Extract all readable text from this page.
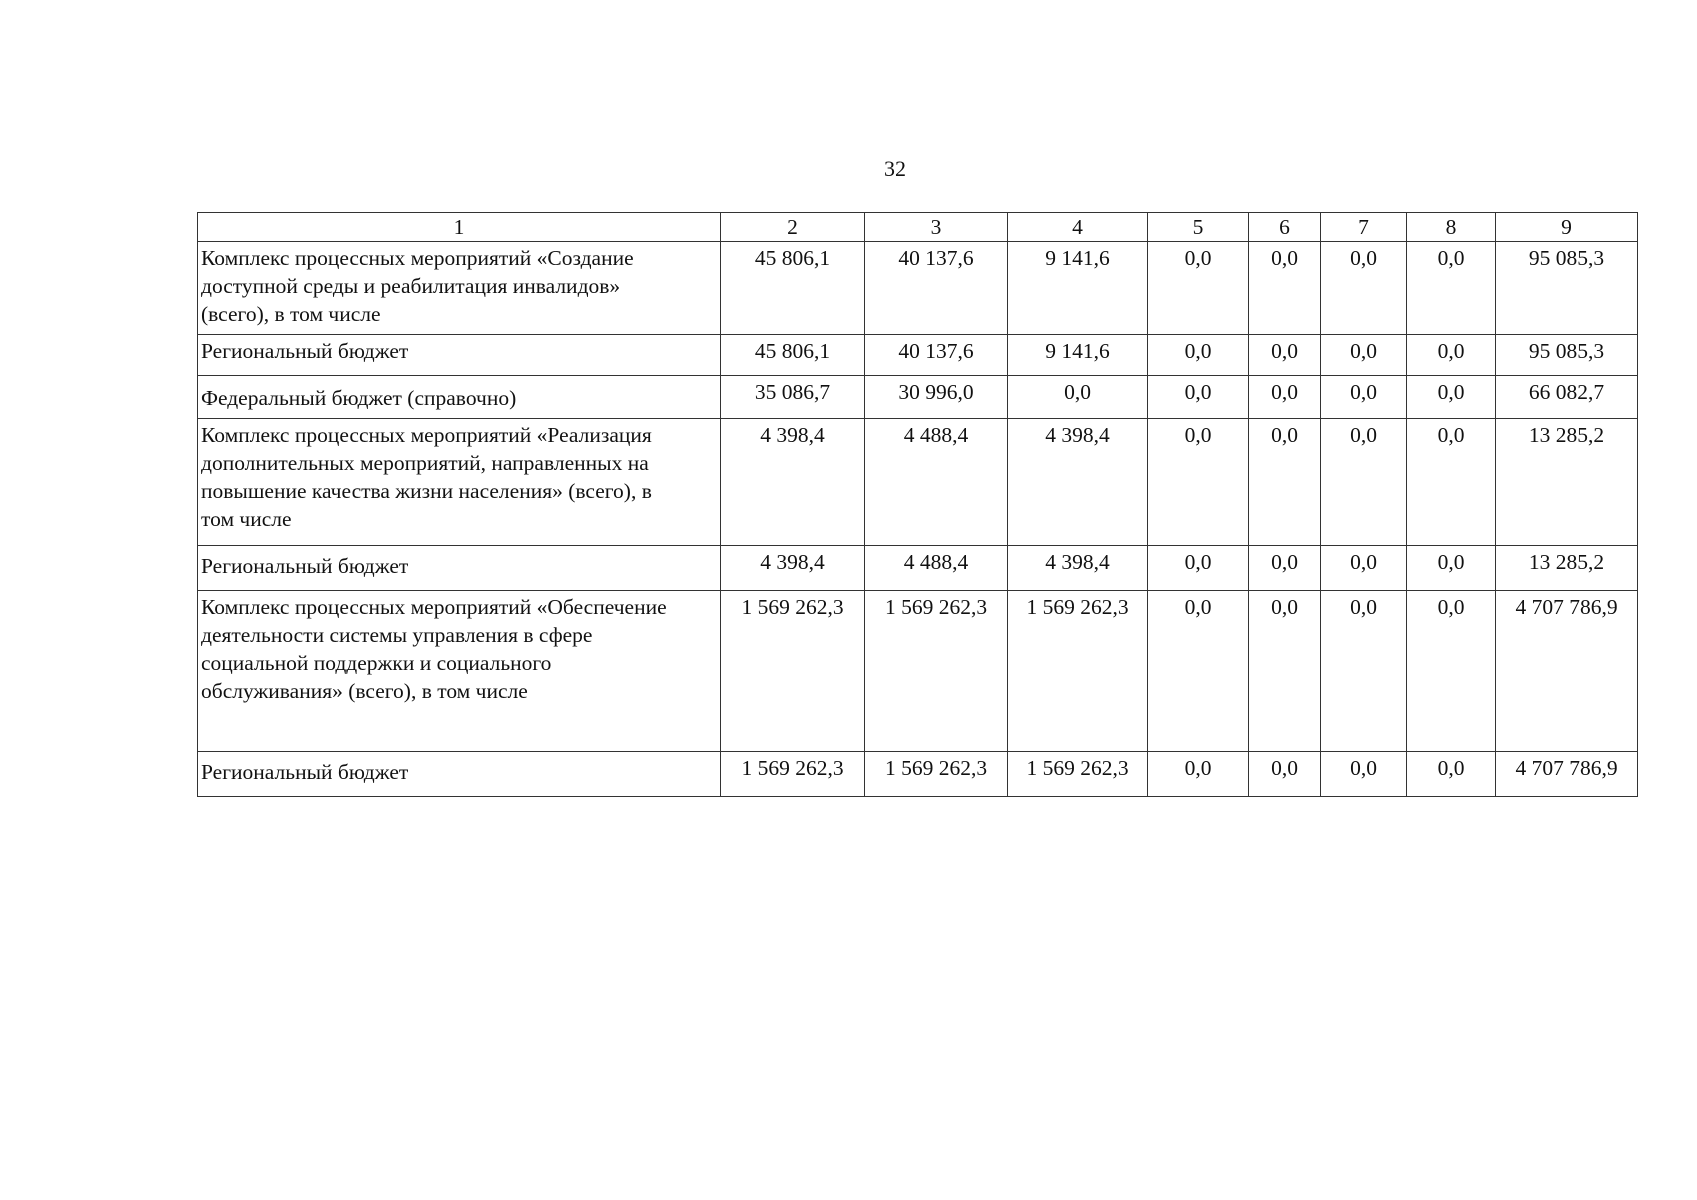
32
1	2	3	4	5	6	7	8	9
Комплекс процессных мероприятий «Создание доступной среды и реабилитация инвалидов» (всего), в том числе	45 806,1	40 137,6	9 141,6	0,0	0,0	0,0	0,0	95 085,3
Региональный бюджет	45 806,1	40 137,6	9 141,6	0,0	0,0	0,0	0,0	95 085,3
Федеральный бюджет (справочно)	35 086,7	30 996,0	0,0	0,0	0,0	0,0	0,0	66 082,7
Комплекс процессных мероприятий «Реализация дополнительных мероприятий, направленных на повышение качества жизни населения» (всего), в том числе	4 398,4	4 488,4	4 398,4	0,0	0,0	0,0	0,0	13 285,2
Региональный бюджет	4 398,4	4 488,4	4 398,4	0,0	0,0	0,0	0,0	13 285,2
Комплекс процессных мероприятий «Обеспечение деятельности системы управления в сфере социальной поддержки и социального обслуживания» (всего), в том числе	1 569 262,3	1 569 262,3	1 569 262,3	0,0	0,0	0,0	0,0	4 707 786,9
Региональный бюджет	1 569 262,3	1 569 262,3	1 569 262,3	0,0	0,0	0,0	0,0	4 707 786,9
